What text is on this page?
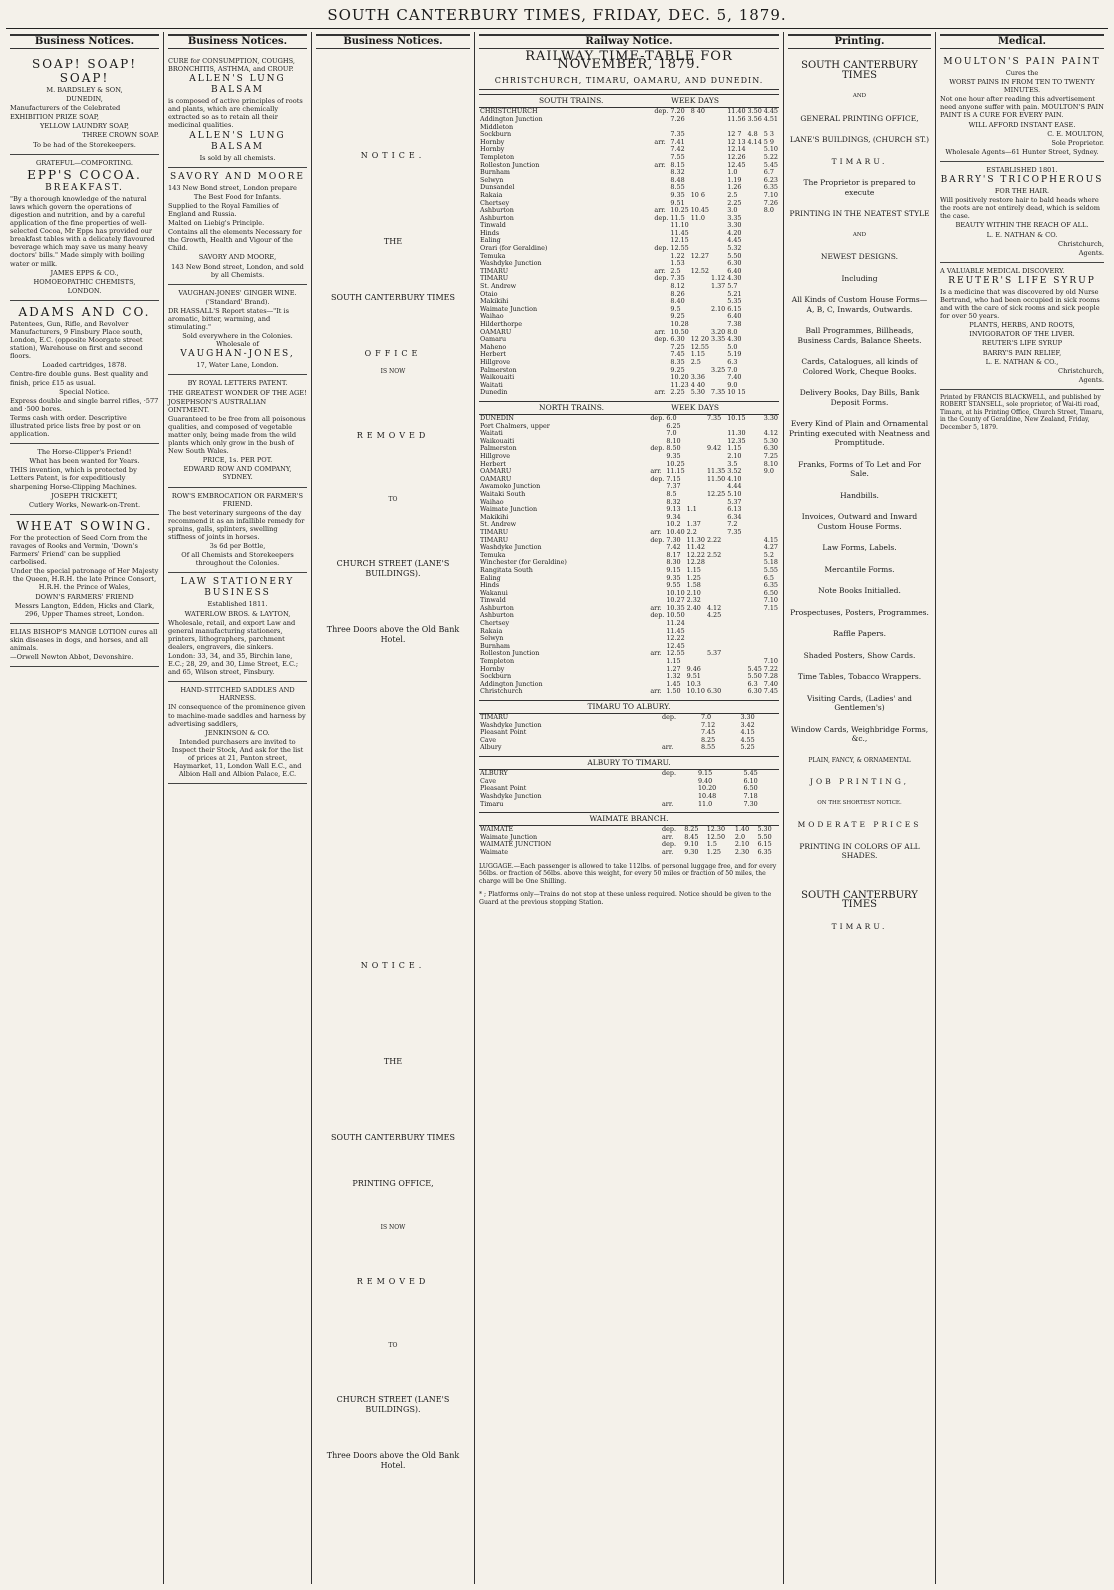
SOUTH CANTERBURY TIMES, FRIDAY, DEC. 5, 1879.
Business Notices.

SOAP! SOAP! SOAP!

M. BARDSLEY & SON,

DUNEDIN,

Manufacturers of the Celebrated

EXHIBITION PRIZE SOAP,

YELLOW LAUNDRY SOAP,

THREE CROWN SOAP.

To be had of the Storekeepers.

GRATEFUL—COMFORTING.

EPP'S COCOA.

BREAKFAST.

"By a thorough knowledge of the natural laws which govern the operations of digestion and nutrition, and by a careful application of the fine properties of well-selected Cocoa, Mr Epps has provided our breakfast tables with a delicately flavoured beverage which may save us many heavy doctors' bills." Made simply with boiling water or milk.

JAMES EPPS & CO.,

HOMOEOPATHIC CHEMISTS,

LONDON.

ADAMS AND CO.

Patentees, Gun, Rifle, and Revolver Manufacturers, 9 Finsbury Place south, London, E.C. (opposite Moorgate street station), Warehouse on first and second floors.

Loaded cartridges, 1878.

Centre-fire double guns. Best quality and finish, price £15 as usual.

Special Notice.

Express double and single barrel rifles, ·577 and ·500 bores.

Terms cash with order. Descriptive illustrated price lists free by post or on application.

The Horse-Clipper's Friend!

What has been wanted for Years.

THIS invention, which is protected by Letters Patent, is for expeditiously sharpening Horse-Clipping Machines.

JOSEPH TRICKETT,

Cutlery Works, Newark-on-Trent.

WHEAT SOWING.

For the protection of Seed Corn from the ravages of Rooks and Vermin, 'Down's Farmers' Friend' can be supplied carbolised.

Under the special patronage of Her Majesty the Queen, H.R.H. the late Prince Consort, H.R.H. the Prince of Wales,

DOWN'S FARMERS' FRIEND

Messrs Langton, Edden, Hicks and Clark, 296, Upper Thames street, London.

ELIAS BISHOP'S MANGE LOTION cures all skin diseases in dogs, and horses, and all animals.

—Orwell Newton Abbot, Devonshire.

Business Notices.

CURE for CONSUMPTION, COUGHS, BRONCHITIS, ASTHMA, and CROUP.

ALLEN'S LUNG BALSAM

is composed of active principles of roots and plants, which are chemically extracted so as to retain all their medicinal qualities.

ALLEN'S LUNG BALSAM

Is sold by all chemists.

SAVORY AND MOORE

143 New Bond street, London prepare

The Best Food for Infants.

Supplied to the Royal Families of England and Russia.

Malted on Liebig's Principle.

Contains all the elements Necessary for the Growth, Health and Vigour of the Child.

SAVORY AND MOORE,

143 New Bond street, London, and sold by all Chemists.

VAUGHAN-JONES' GINGER WINE.

('Standard' Brand).

DR HASSALL'S Report states—"It is aromatic, bitter, warming, and stimulating."

Sold everywhere in the Colonies. Wholesale of

VAUGHAN-JONES,

17, Water Lane, London.

BY ROYAL LETTERS PATENT.

THE GREATEST WONDER OF THE AGE!

JOSEPHSON'S AUSTRALIAN OINTMENT.

Guaranteed to be free from all poisonous qualities, and composed of vegetable matter only, being made from the wild plants which only grow in the bush of New South Wales.

PRICE, 1s. PER POT.

EDWARD ROW AND COMPANY, SYDNEY.

ROW'S EMBROCATION OR FARMER'S FRIEND.

The best veterinary surgeons of the day recommend it as an infallible remedy for sprains, galls, splinters, swelling stiffness of joints in horses.

3s 6d per Bottle,

Of all Chemists and Storekeepers throughout the Colonies.

LAW STATIONERY BUSINESS

Established 1811.

WATERLOW BROS. & LAYTON,

Wholesale, retail, and export Law and general manufacturing stationers, printers, lithographers, parchment dealers, engravers, die sinkers.

London: 33, 34, and 35, Birchin lane, E.C.; 28, 29, and 30, Lime Street, E.C.; and 65, Wilson street, Finsbury.

HAND-STITCHED SADDLES AND HARNESS.

IN consequence of the prominence given to machine-made saddles and harness by advertising saddlers,

JENKINSON & CO.

Intended purchasers are invited to Inspect their Stock, And ask for the list of prices at 21, Panton street, Haymarket, 11, London Wall E.C., and Albion Hall and Albion Palace, E.C.

Business Notices.

NOTICE.

THE

SOUTH CANTERBURY TIMES

OFFICE

IS NOW

REMOVED

TO

CHURCH STREET (LANE'S BUILDINGS).

Three Doors above the Old Bank Hotel.

NOTICE.

THE

SOUTH CANTERBURY TIMES

PRINTING OFFICE,

IS NOW

REMOVED

TO

CHURCH STREET (LANE'S BUILDINGS).

Three Doors above the Old Bank Hotel.

Railway Notice.
RAILWAY TIME-TABLE FOR NOVEMBER, 1879.
CHRISTCHURCH, TIMARU, OAMARU, AND DUNEDIN.
SOUTH TRAINS.	WEEK DAYS
CHRISTCHURCH	dep.	7.20	8 40		11.40	3.50	4.45
Addington Junction		7.26			11.56	3.56	4.51
Middleton							
Sockburn		7.35			12 7	4.8	5 3
Hornby	arr.	7.41			12 13	4.14	5 9
Hornby		7.42			12.14		5.10
Templeton		7.55			12.26		5.22
Rolleston Junction	arr.	8.15			12.45		5.45
Burnham		8.32			1.0		6.7
Selwyn		8.48			1.19		6.23
Dunsandel		8.55			1.26		6.35
Rakaia		9.35	10 6		2.5		7.10
Chertsey		9.51			2.25		7.26
Ashburton	arr.	10.25	10.45		3.0		8.0
Ashburton	dep.	11.5	11.0		3.35		
Tinwald		11.10			3.30		
Hinds		11.45			4.20		
Ealing		12.15			4.45		
Orari (for Geraldine)	dep.	12.55			5.32		
Temuka		1.22	12.27		5.50		
Washdyke Junction		1.53			6.30		
TIMARU	arr.	2.5	12.52		6.40		
TIMARU	dep.	7.35		1.12	4.30		
St. Andrew		8.12		1.37	5.7		
Otaio		8.26			5.21		
Makikihi		8.40			5.35		
Waimate Junction		9.5		2.10	6.15		
Waihao		9.25			6.40		
Hilderthorpe		10.28			7.38		
OAMARU	arr.	10.50		3.20	8.0		
Oamaru	dep.	6.30	12 20	3.35	4.30		
Maheno		7.25	12.55		5.0		
Herbert		7.45	1.15		5.19		
Hillgrove		8.35	2.5		6.3		
Palmerston		9.25		3.25	7.0		
Waikouaiti		10.20	3.36		7.40		
Waitati		11.23	4 40		9.0		
Dunedin	arr.	2.25	5.30	7.35	10 15		
NORTH TRAINS.	WEEK DAYS
DUNEDIN	dep.	6.0		7.35	10.15		3.30
Port Chalmers, upper		6.25					
Waitati		7.0			11.30		4.12
Waikouaiti		8.10			12.35		5.30
Palmerston	dep.	8.50		9.42	1.15		6.30
Hillgrove		9.35			2.10		7.25
Herbert		10.25			3.5		8.10
OAMARU	arr.	11.15		11.35	3.52		9.0
OAMARU	dep.	7.15		11.50	4.10		
Awamoko Junction		7.37			4.44		
Waitaki South		8.5		12.25	5.10		
Waihao		8.32			5.37		
Waimate Junction		9.13	1.1		6.13		
Makikihi		9.34			6.34		
St. Andrew		10.2	1.37		7.2		
TIMARU	arr.	10.40	2.2		7.35		
TIMARU	dep.	7.30	11.30	2.22			4.15
Washdyke Junction		7.42	11.42				4.27
Temuka		8.17	12.22	2.52			5.2
Winchester (for Geraldine)		8.30	12.28				5.18
Rangitata South		9.15	1.15				5.55
Ealing		9.35	1.25				6.5
Hinds		9.55	1.58				6.35
Wakanui		10.10	2.10				6.50
Tinwald		10.27	2.32				7.10
Ashburton	arr.	10.35	2.40	4.12			7.15
Ashburton	dep.	10.50		4.25			
Chertsey		11.24					
Rakaia		11.45					
Selwyn		12.22					
Burnham		12.45					
Rolleston Junction	arr.	12.55		5.37			
Templeton		1.15					7.10
Hornby		1.27	9.46			5.45	7.22
Sockburn		1.32	9.51			5.50	7.28
Addington Junction		1.45	10.3			6.3	7.40
Christchurch	arr.	1.50	10.10	6.30		6.30	7.45
TIMARU TO ALBURY.
TIMARU	dep.	7.0	3.30
Washdyke Junction		7.12	3.42
Pleasant Point		7.45	4.15
Cave		8.25	4.55
Albury	arr.	8.55	5.25
ALBURY TO TIMARU.
ALBURY	dep.	9.15	5.45
Cave		9.40	6.10
Pleasant Point		10.20	6.50
Washdyke Junction		10.48	7.18
Timaru	arr.	11.0	7.30
WAIMATE BRANCH.
WAIMATE	dep.	8.25	12.30	1.40	5.30
Waimate Junction	arr.	8.45	12.50	2.0	5.50
WAIMATE JUNCTION	dep.	9.10	1.5	2.10	6.15
Waimate	arr.	9.30	1.25	2.30	6.35
LUGGAGE.—Each passenger is allowed to take 112lbs. of personal luggage free, and for every 56lbs. or fraction of 56lbs. above this weight, for every 50 miles or fraction of 50 miles, the charge will be One Shilling.
* ; Platforms only—Trains do not stop at these unless required. Notice should be given to the Guard at the previous stopping Station.
Printing.

SOUTH CANTERBURY TIMES

AND

GENERAL PRINTING OFFICE,

LANE'S BUILDINGS, (CHURCH ST.)

TIMARU.

The Proprietor is prepared to execute

PRINTING IN THE NEATEST STYLE

AND

NEWEST DESIGNS.

Including

All Kinds of Custom House Forms—A, B, C, Inwards, Outwards.

Ball Programmes, Billheads, Business Cards, Balance Sheets.

Cards, Catalogues, all kinds of Colored Work, Cheque Books.

Delivery Books, Day Bills, Bank Deposit Forms.

Every Kind of Plain and Ornamental Printing executed with Neatness and Promptitude.

Franks, Forms of To Let and For Sale.

Handbills.

Invoices, Outward and Inward Custom House Forms.

Law Forms, Labels.

Mercantile Forms.

Note Books Initialled.

Prospectuses, Posters, Programmes.

Raffle Papers.

Shaded Posters, Show Cards.

Time Tables, Tobacco Wrappers.

Visiting Cards, (Ladies' and Gentlemen's)

Window Cards, Weighbridge Forms, &c.,

PLAIN, FANCY, & ORNAMENTAL

JOB PRINTING,

ON THE SHORTEST NOTICE.

MODERATE PRICES

PRINTING IN COLORS OF ALL SHADES.

SOUTH CANTERBURY TIMES

TIMARU.

Medical.

MOULTON'S PAIN PAINT

Cures the

WORST PAINS IN FROM TEN TO TWENTY MINUTES.

Not one hour after reading this advertisement need anyone suffer with pain. MOULTON'S PAIN PAINT IS A CURE FOR EVERY PAIN.

WILL AFFORD INSTANT EASE.

C. E. MOULTON,

Sole Proprietor.

Wholesale Agents—61 Hunter Street, Sydney.

ESTABLISHED 1801.

BARRY'S TRICOPHEROUS

FOR THE HAIR.

Will positively restore hair to bald heads where the roots are not entirely dead, which is seldom the case.

BEAUTY WITHIN THE REACH OF ALL.

L. E. NATHAN & CO.

Christchurch,

Agents.

A VALUABLE MEDICAL DISCOVERY.

REUTER'S LIFE SYRUP

Is a medicine that was discovered by old Nurse Bertrand, who had been occupied in sick rooms and with the care of sick rooms and sick people for over 50 years.

PLANTS, HERBS, AND ROOTS,

INVIGORATOR OF THE LIVER.

REUTER'S LIFE SYRUP

BARRY'S PAIN RELIEF,

L. E. NATHAN & CO.,

Christchurch,

Agents.

Printed by FRANCIS BLACKWELL, and published by ROBERT STANSELL, sole proprietor, of Wai-iti road, Timaru, at his Printing Office, Church Street, Timaru, in the County of Geraldine, New Zealand, Friday, December 5, 1879.
